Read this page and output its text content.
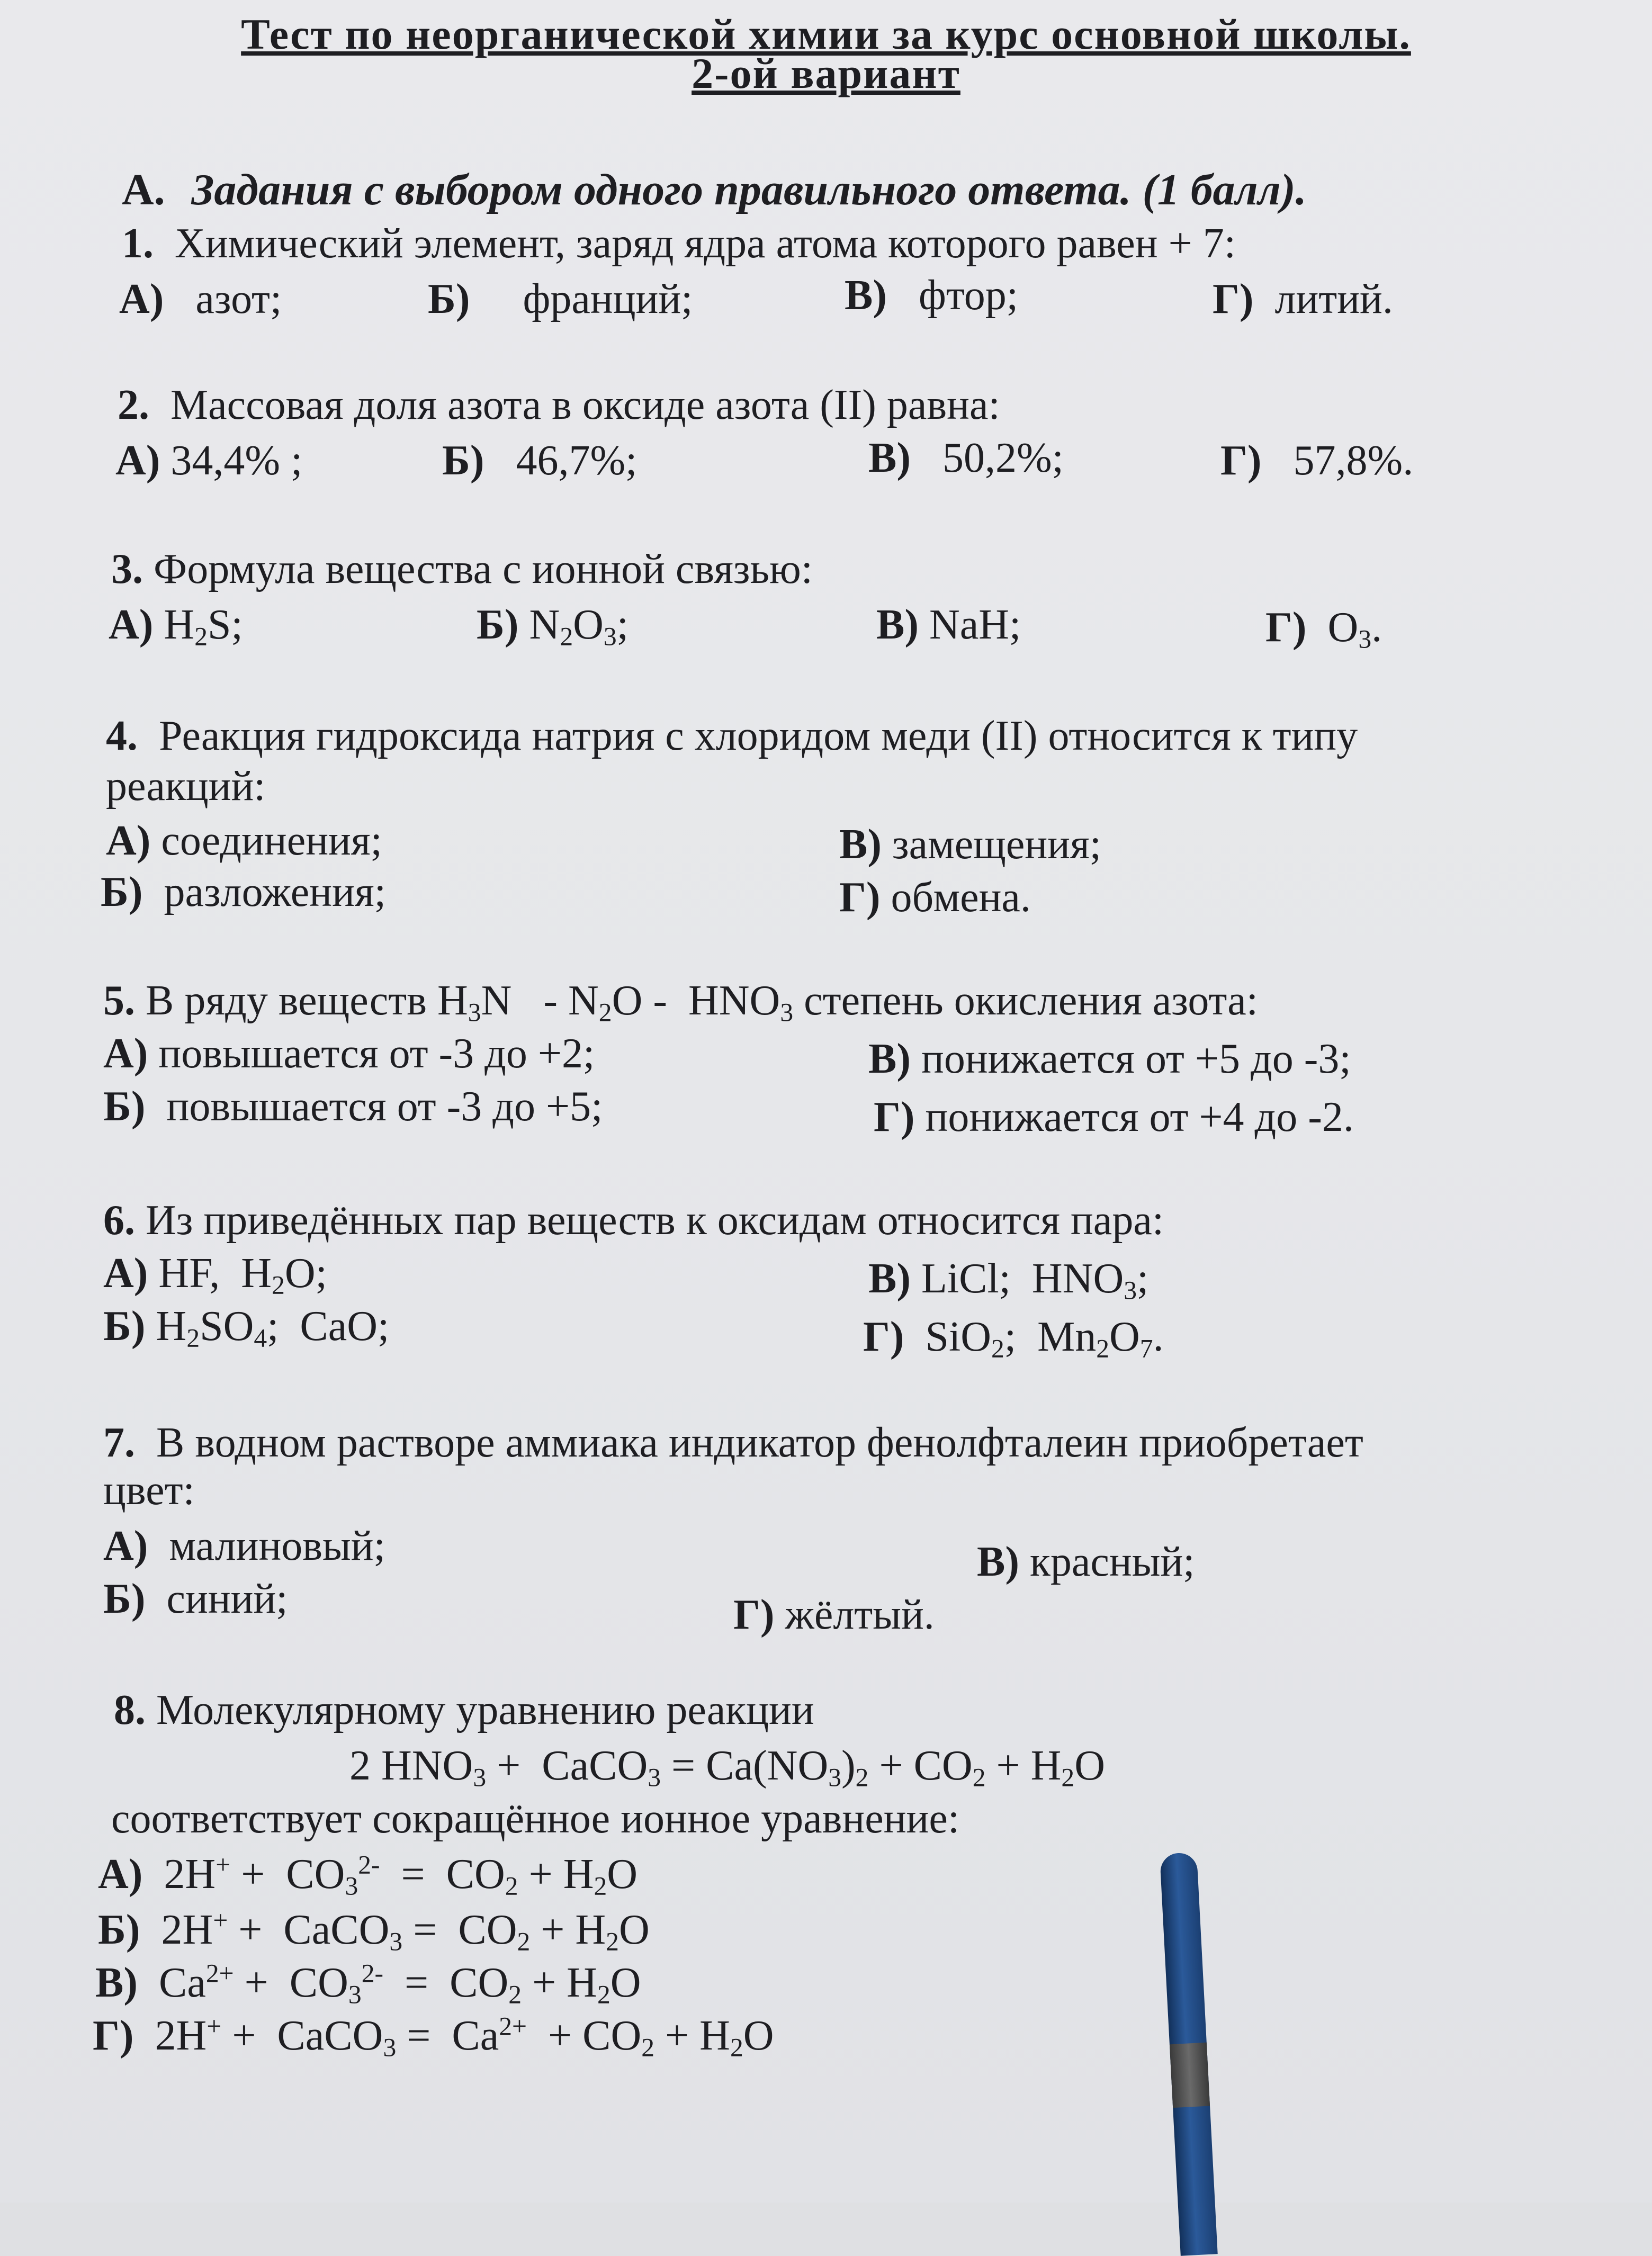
Тест по неорганической химии за курс основной школы.
2-ой вариант
А. Задания с выбором одного правильного ответа. (1 балл).
1. Химический элемент, заряд ядра атома которого равен + 7:
А) азот;	Б) франций;	В) фтор;	Г) литий.
2. Массовая доля азота в оксиде азота (II) равна:
А) 34,4% ;	Б) 46,7%;	В) 50,2%;	Г) 57,8%.
3. Формула вещества с ионной связью:
А) $H_2S$;	Б) $N_2O_3$;	В) NaH;	Г)  $O_3$.
4. Реакция гидроксида натрия с хлоридом меди (II) относится к типу
реакций:
А) соединения;
Б) разложения;
В) замещения;
Г) обмена.
5. В ряду веществ $H_3N - N_2O - HNO_3$ степень окисления азота:
А) повышается от -3 до +2;
Б) повышается от -3 до +5;
В) понижается от +5 до -3;
Г) понижается от +4 до -2.
6. Из приведённых пар веществ к оксидам относится пара:
А) HF,  $H_2O$;
Б) $H_2SO_4$;  CaO;
В) LiCl;  $HNO_3$;
Г)  SiO$_2$;  $Mn_2O_7$.
7. В водном растворе аммиака индикатор фенолфталеин приобретает
цвет:
А) малиновый;
Б) синий;
В) красный;
Г) жёлтый.
8. Молекулярному уравнению реакции
2 $HNO_3$ +  CaCO$_3$ = $Ca(NO_3)_2 + CO_2 + H_2O$
соответствует сокращённое ионное уравнение:
А)  $2H^+ + CO_3^{2-} = CO_2 + H_2O$
Б)  2H+ +  CaCO$_3$ =  $CO_2 + H_2O$
В)  $Ca^{2+} + CO_3^{2-} = CO_2 + H_2O$
Г)  2H+ +  CaCO$_3$ =  $Ca^{2+} + CO_2 + H_2O$
